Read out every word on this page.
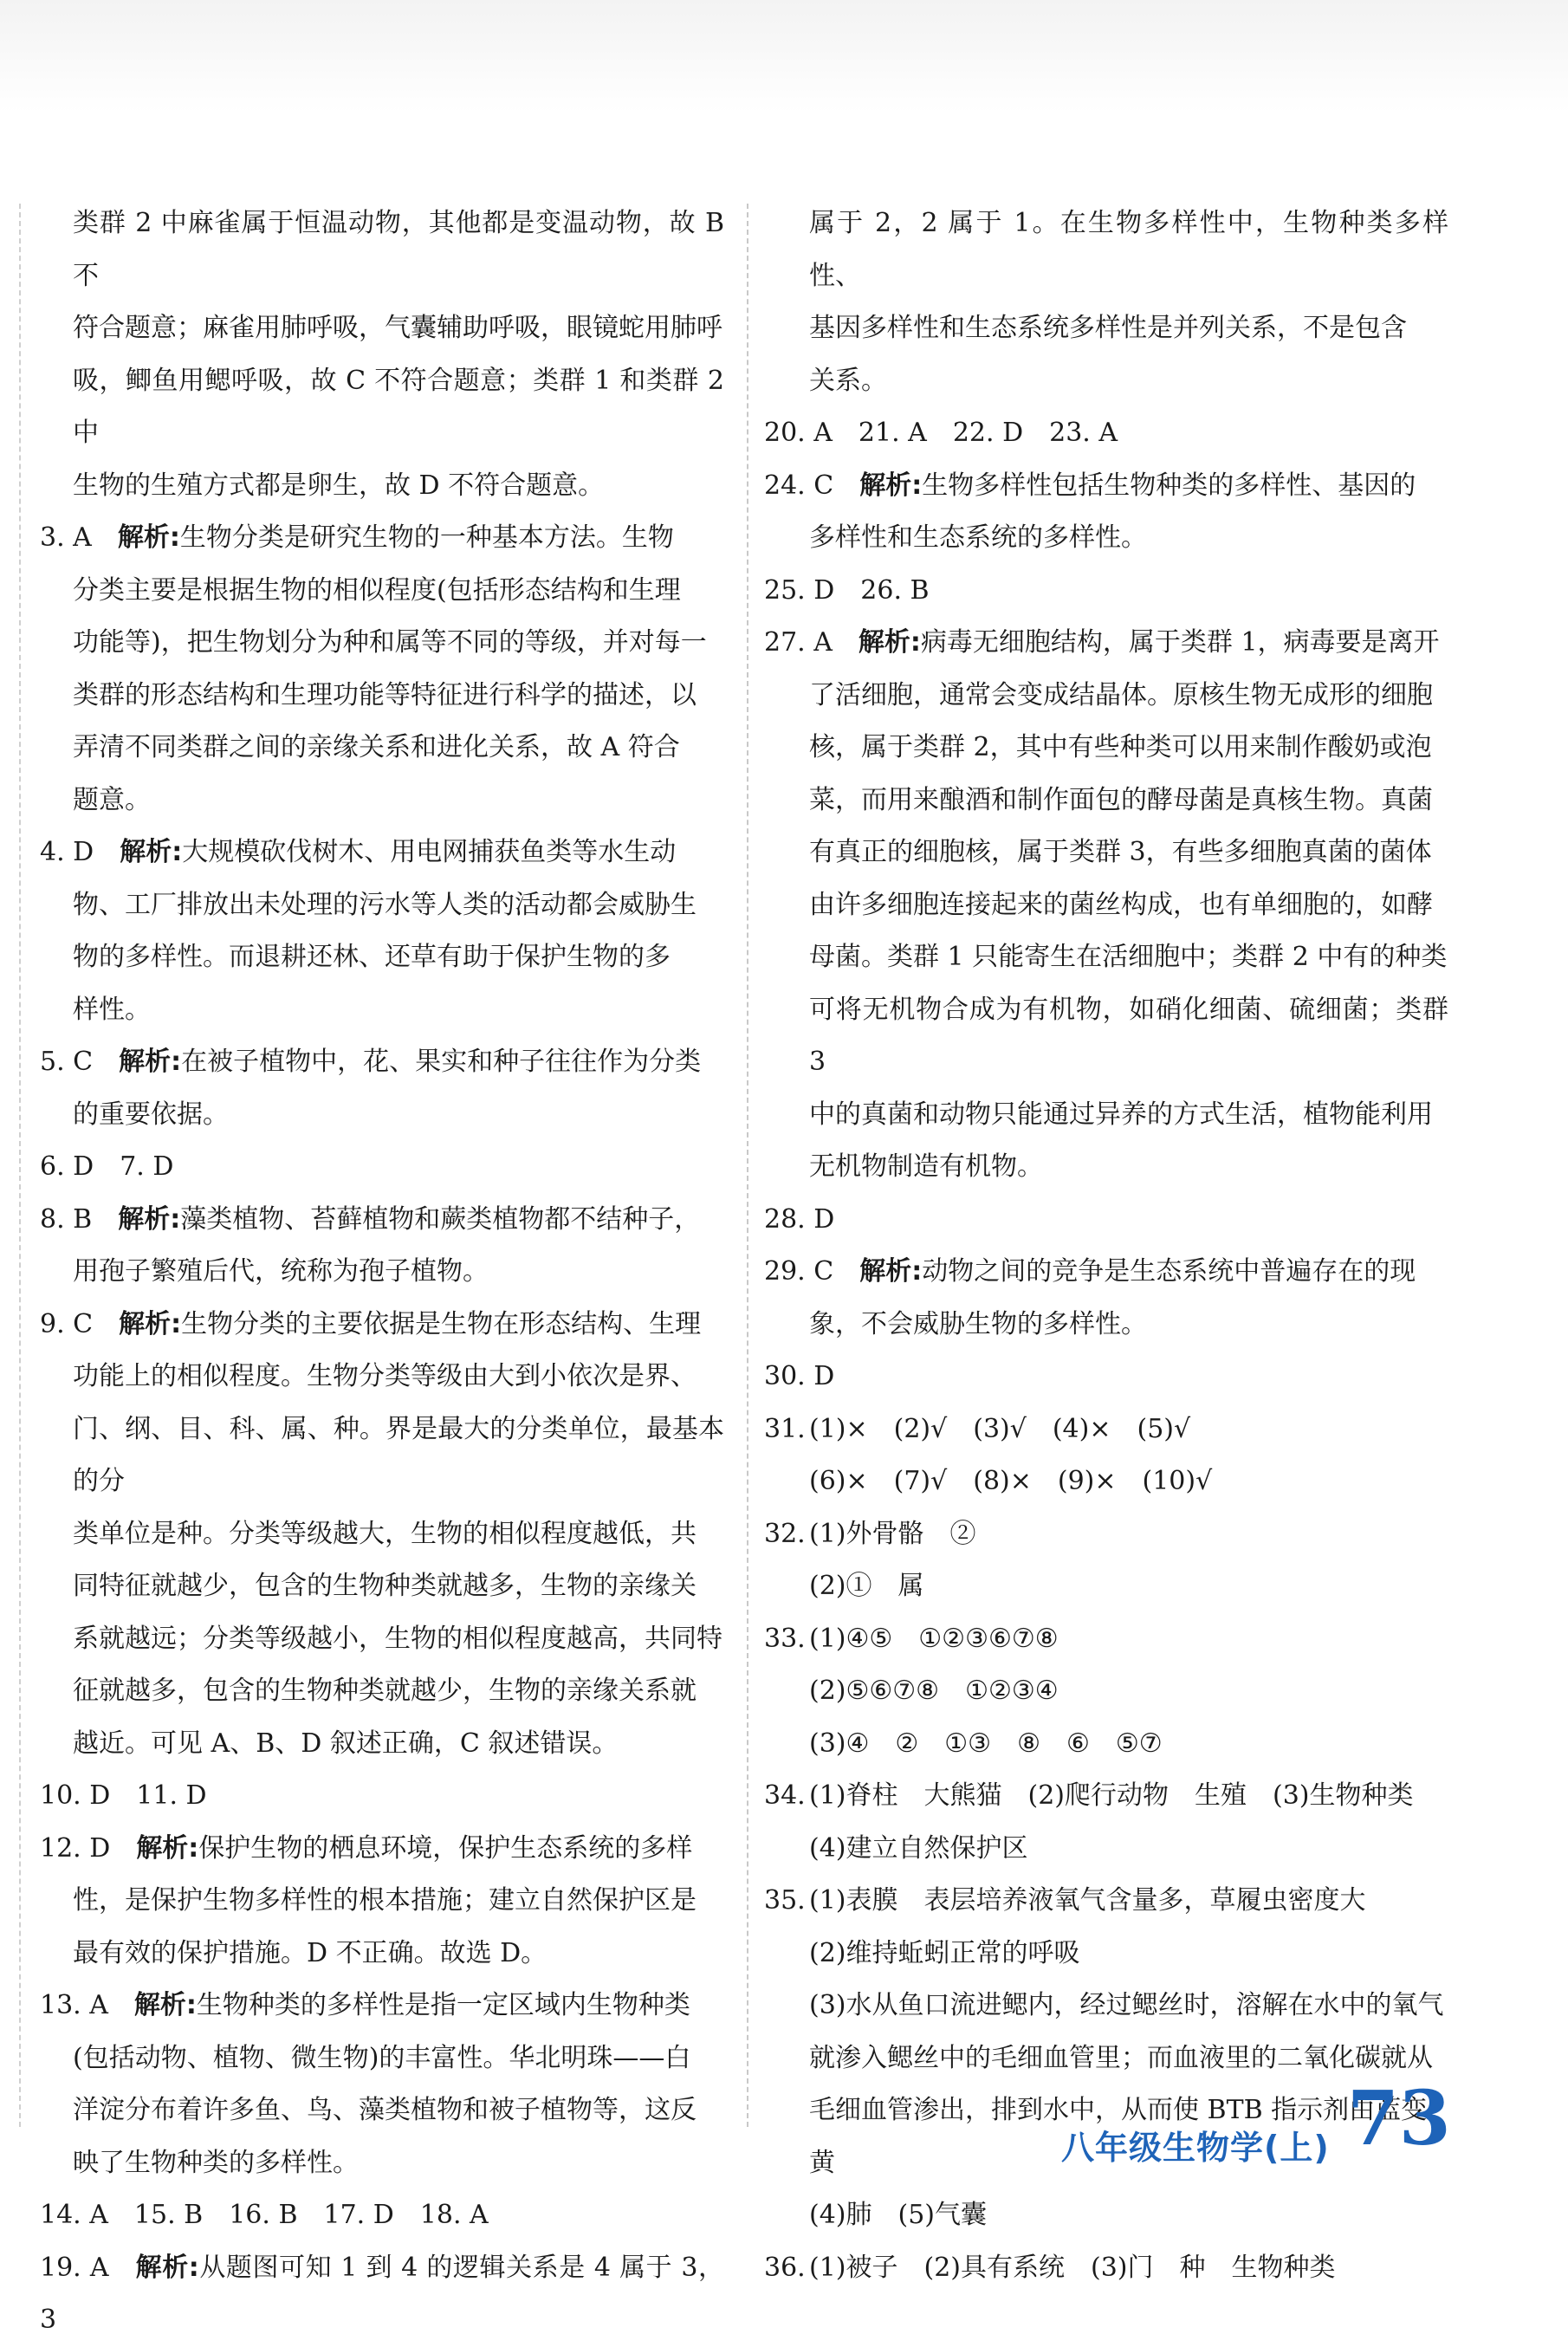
类群 2 中麻雀属于恒温动物，其他都是变温动物，故 B 不
符合题意；麻雀用肺呼吸，气囊辅助呼吸，眼镜蛇用肺呼
吸，鲫鱼用鳃呼吸，故 C 不符合题意；类群 1 和类群 2 中
生物的生殖方式都是卵生，故 D 不符合题意。
3. A　 解析:生物分类是研究生物的一种基本方法。生物
分类主要是根据生物的相似程度(包括形态结构和生理
功能等)，把生物划分为种和属等不同的等级，并对每一
类群的形态结构和生理功能等特征进行科学的描述，以
弄清不同类群之间的亲缘关系和进化关系，故 A 符合
题意。
4. D　 解析:大规模砍伐树木、用电网捕获鱼类等水生动
物、工厂排放出未处理的污水等人类的活动都会威胁生
物的多样性。而退耕还林、还草有助于保护生物的多
样性。
5. C　 解析:在被子植物中，花、果实和种子往往作为分类
的重要依据。
6. D　7. D
8. B　 解析:藻类植物、苔藓植物和蕨类植物都不结种子，
用孢子繁殖后代，统称为孢子植物。
9. C　 解析:生物分类的主要依据是生物在形态结构、生理
功能上的相似程度。生物分类等级由大到小依次是界、
门、纲、目、科、属、种。界是最大的分类单位，最基本的分
类单位是种。分类等级越大，生物的相似程度越低，共
同特征就越少，包含的生物种类就越多，生物的亲缘关
系就越远；分类等级越小，生物的相似程度越高，共同特
征就越多，包含的生物种类就越少，生物的亲缘关系就
越近。可见 A、B、D 叙述正确，C 叙述错误。
10. D　11. D
12. D　 解析:保护生物的栖息环境，保护生态系统的多样
性，是保护生物多样性的根本措施；建立自然保护区是
最有效的保护措施。D 不正确。故选 D。
13. A　 解析:生物种类的多样性是指一定区域内生物种类
(包括动物、植物、微生物)的丰富性。华北明珠——白
洋淀分布着许多鱼、鸟、藻类植物和被子植物等，这反
映了生物种类的多样性。
14. A　15. B　16. B　17. D　18. A
19. A　 解析:从题图可知 1 到 4 的逻辑关系是 4 属于 3，3
属于 2，2 属于 1。在生物多样性中，生物种类多样性、
基因多样性和生态系统多样性是并列关系，不是包含
关系。
20. A　21. A　22. D　23. A
24. C　 解析:生物多样性包括生物种类的多样性、基因的
多样性和生态系统的多样性。
25. D　26. B
27. A　 解析:病毒无细胞结构，属于类群 1，病毒要是离开
了活细胞，通常会变成结晶体。原核生物无成形的细胞
核，属于类群 2，其中有些种类可以用来制作酸奶或泡
菜，而用来酿酒和制作面包的酵母菌是真核生物。真菌
有真正的细胞核，属于类群 3，有些多细胞真菌的菌体
由许多细胞连接起来的菌丝构成，也有单细胞的，如酵
母菌。类群 1 只能寄生在活细胞中；类群 2 中有的种类
可将无机物合成为有机物，如硝化细菌、硫细菌；类群 3
中的真菌和动物只能通过异养的方式生活，植物能利用
无机物制造有机物。
28. D
29. C　 解析:动物之间的竞争是生态系统中普遍存在的现
象，不会威胁生物的多样性。
30. D
31. (1)×　(2)√　(3)√　(4)×　(5)√
(6)×　(7)√　(8)×　(9)×　(10)√
32. (1)外骨骼　②
(2)①　属
33. (1)④⑤　①②③⑥⑦⑧
(2)⑤⑥⑦⑧　①②③④
(3)④　②　①③　⑧　⑥　⑤⑦
34. (1)脊柱　大熊猫　(2)爬行动物　生殖　(3)生物种类
(4)建立自然保护区
35. (1)表膜　表层培养液氧气含量多，草履虫密度大
(2)维持蚯蚓正常的呼吸
(3)水从鱼口流进鳃内，经过鳃丝时，溶解在水中的氧气
就渗入鳃丝中的毛细血管里；而血液里的二氧化碳就从
毛细血管渗出，排到水中，从而使 BTB 指示剂由蓝变黄
(4)肺　(5)气囊
36. (1)被子　(2)具有系统　(3)门　种　生物种类
八年级生物学(上) 73
